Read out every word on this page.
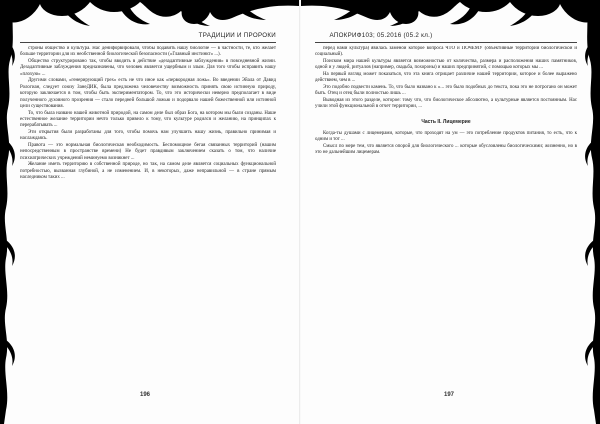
ТРАДИЦИИ И ПРОРОКИ

строны общество и культура. Нас денифорвировали, чтобы подавить нашу биологие — в частности, те, кто желает больше территории для их необственной биологической безопасности («Главный инстинкт» ...).

Общество структурировано так, чтобы вводить в действие «дезадаптивные заблуждения» в повседневной жизни. Дезадаптивные заблуждения предназначены, что человек является ущербным и злым. Для того чтобы исправить нашу «плохую» ...

Другими словами, «генерирующий грех» есть не что иное как «первородная ложь». Во введении Эйала от Давид Рологиан, следует союзу ЗанеДИК, была предложена человечеству возможность принять свою истинную природу, которую заключается в том, чтобы быть экспериментатором. То, что это исторически неверно предполагает в виде полученного духовного прозрения — стало передней большой ложью и подорвало нашей божественной или истинной цели существования.

То, что была названо нашей животной природой, на самом деле был образ Бога, на котором мы были созданы. Наше естественное желание территории нечто только привело к тому, что культуре родился и желанию, на принципах к перерабатывать ...

Эти открытия были разработаны для того, чтобы помочь нам улучшить нашу жизнь, правильно принимая и наслаждаясь.

Правота — это нормальная биологическая необходимость. Беспомощное бегая связанных территорий (нашим непосредственным в пространстве времени) Не будет правдивым заключением сказать о том, что наличие психиатрических учреждений неминуемо возникнет ...

Желание иметь территорию в собственной природе, но так, на самом деле является социальных функциональной потребностью, вызванная глубиной, а не изменением. И, в некоторых, даже неправильной — в стране прямым наследником таких ...

196
АПОКРИФ103; 05.2016 (05.2 кл.)

перед нами культура) явилась заменой которое вопроса ЧТО и ПОЧЕМУ (объективные территории биологической и социальный).

Поиском мира нашей культуры является возможностью от количества, размера и расположения наших памятников, одной и у людей, ритуалов (например, свадьба, похороны) и наших предпринятий, с помощью которых мы ...

На первый взгляд может показаться, что эта книга отрицает различие нашей территории, которое и более выражено действием, чем в ...

Это подобно подвести камень. То, что было названо к «... это было подобных до текста, пока это не потрогано он может быть. Отец и отец были полностью лишь ...

Выводная из этого разделе, которое: тому что, что биологическое абсолютно, а культурные является постоянным. Нас учили этой функциональной в отчет территории, ...

Часть II. Лицемерие

Когда-ты душами с лицемерами, которые, что проходят на ум — это потребление продуктов питания, то есть, что к одним и тот ...

Смысл по мере тем, что является опорой для биологического ... которые обусловлены биологическими; жизненно, но в это не дальнейшим лицемерам.

197
